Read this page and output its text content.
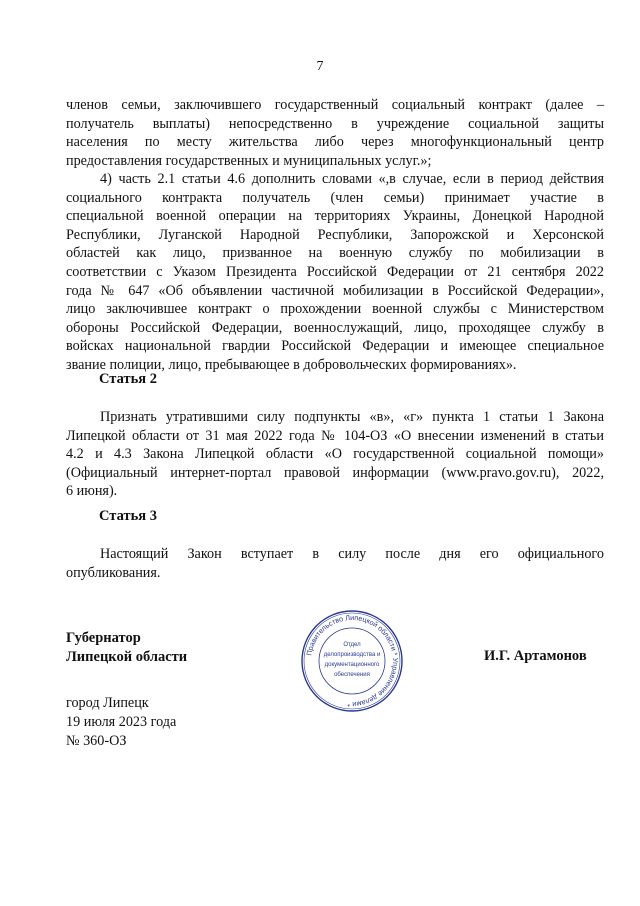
7
членов семьи, заключившего государственный социальный контракт (далее –
получатель выплаты) непосредственно в учреждение социальной защиты
населения по месту жительства либо через многофункциональный центр
предоставления государственных и муниципальных услуг.»;
4) часть 2.1 статьи 4.6 дополнить словами «,в случае, если в период действия
социального контракта получатель (член семьи) принимает участие в
специальной военной операции на территориях Украины, Донецкой Народной
Республики, Луганской Народной Республики, Запорожской и Херсонской
областей как лицо, призванное на военную службу по мобилизации в
соответствии с Указом Президента Российской Федерации от 21 сентября 2022
года № 647 «Об объявлении частичной мобилизации в Российской Федерации»,
лицо заключившее контракт о прохождении военной службы с Министерством
обороны Российской Федерации, военнослужащий, лицо, проходящее службу в
войсках национальной гвардии Российской Федерации и имеющее специальное
звание полиции, лицо, пребывающее в добровольческих формированиях».
Статья 2
Признать утратившими силу подпункты «в», «г» пункта 1 статьи 1 Закона
Липецкой области от 31 мая 2022 года № 104-ОЗ «О внесении изменений в статьи
4.2 и 4.3 Закона Липецкой области «О государственной социальной помощи»
(Официальный интернет-портал правовой информации (www.pravo.gov.ru), 2022,
6 июня).
Статья 3
Настоящий Закон вступает в силу после дня его официального
опубликования.
Губернатор
Липецкой области	Правительство Липецкой области * Управление делами *
Отдел
делопроизводства и
документационного
обеспечения
И.Г. Артамонов
город Липецк
19 июля 2023 года
№ 360-ОЗ
